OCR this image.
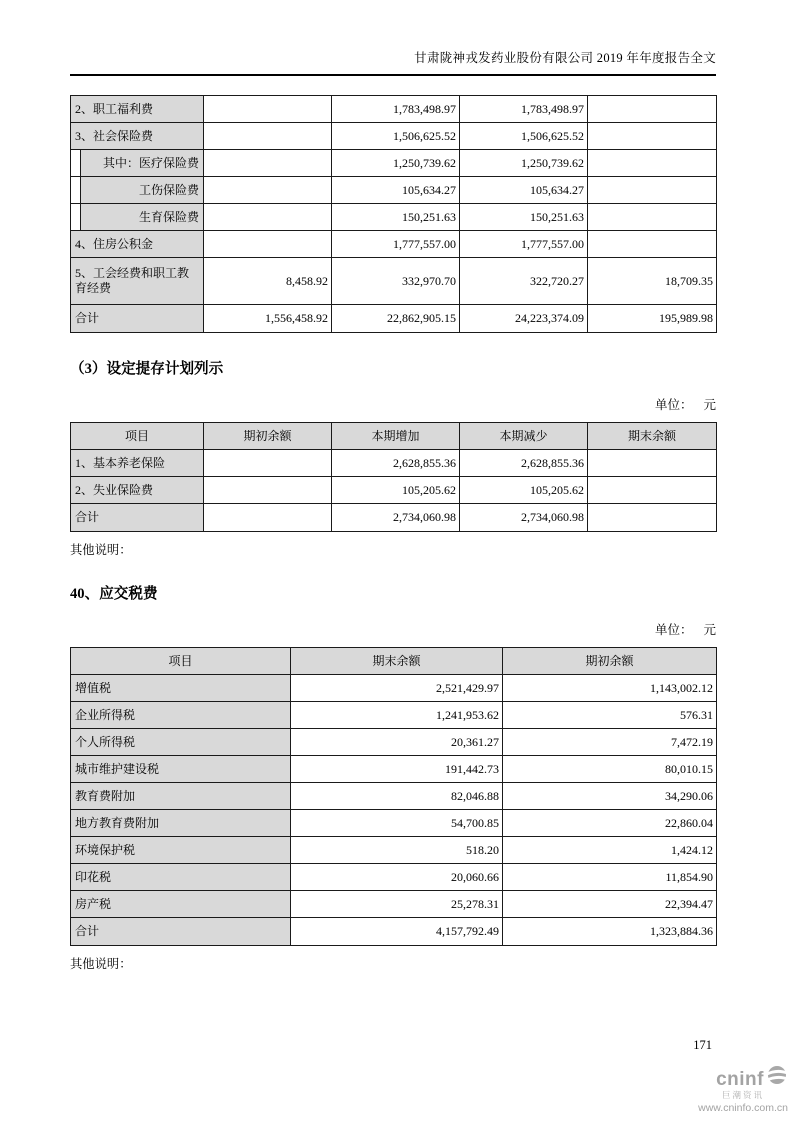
甘肃陇神戎发药业股份有限公司 2019 年年度报告全文
2、职工福利费		1,783,498.97	1,783,498.97	
3、社会保险费		1,506,625.52	1,506,625.52	

其中：医疗保险费		1,250,739.62	1,250,739.62	

工伤保险费		105,634.27	105,634.27	

生育保险费		150,251.63	150,251.63	
4、住房公积金		1,777,557.00	1,777,557.00	
5、工会经费和职工教育经费	8,458.92	332,970.70	322,720.27	18,709.35
合计	1,556,458.92	22,862,905.15	24,223,374.09	195,989.98
（3）设定提存计划列示
单位： 元
项目	期初余额	本期增加	本期减少	期末余额
1、基本养老保险		2,628,855.36	2,628,855.36	
2、失业保险费		105,205.62	105,205.62	
合计		2,734,060.98	2,734,060.98	
其他说明：
40、应交税费
单位： 元
项目	期末余额	期初余额
增值税	2,521,429.97	1,143,002.12
企业所得税	1,241,953.62	576.31
个人所得税	20,361.27	7,472.19
城市维护建设税	191,442.73	80,010.15
教育费附加	82,046.88	34,290.06
地方教育费附加	54,700.85	22,860.04
环境保护税	518.20	1,424.12
印花税	20,060.66	11,854.90
房产税	25,278.31	22,394.47
合计	4,157,792.49	1,323,884.36
其他说明：
171
cninf
巨潮资讯
www.cninfo.com.cn
